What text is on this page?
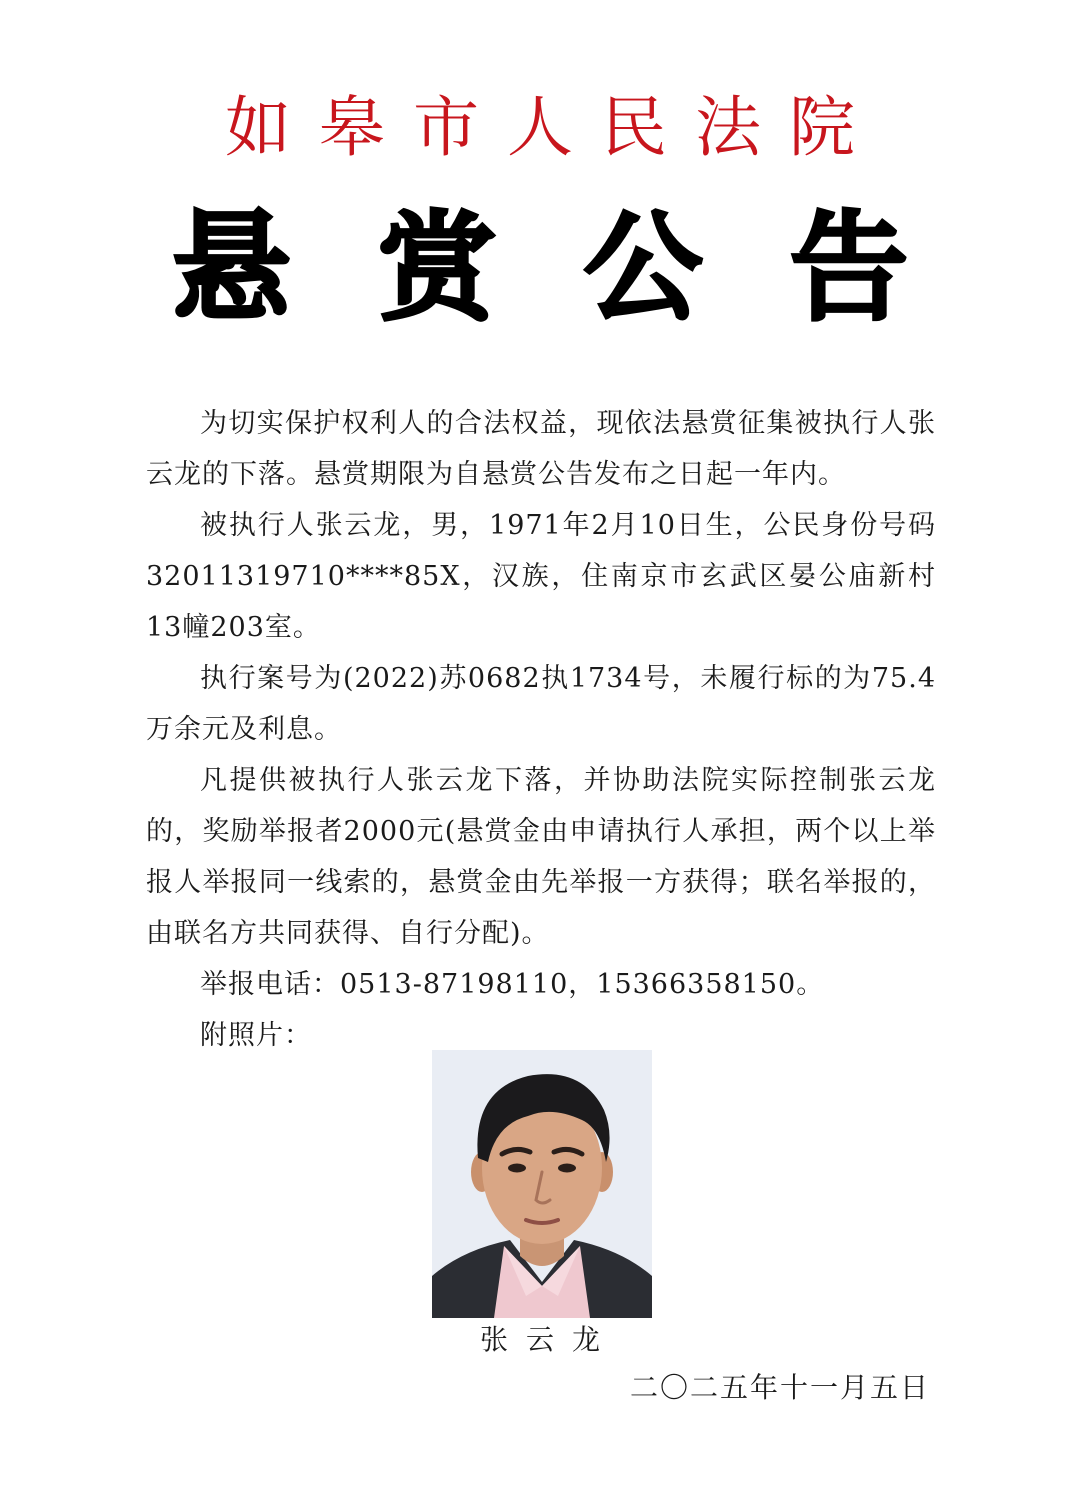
如皋市人民法院
悬赏公告

为切实保护权利人的合法权益，现依法悬赏征集被执行人张云龙的下落。悬赏期限为自悬赏公告发布之日起一年内。

被执行人张云龙，男，1971年2月10日生，公民身份号码32011319710****85X，汉族，住南京市玄武区晏公庙新村13幢203室。

执行案号为(2022)苏0682执1734号，未履行标的为75.4万余元及利息。

凡提供被执行人张云龙下落，并协助法院实际控制张云龙的，奖励举报者2000元(悬赏金由申请执行人承担，两个以上举报人举报同一线索的，悬赏金由先举报一方获得；联名举报的，由联名方共同获得、自行分配)。

举报电话：0513-87198110，15366358150。

附照片：

张云龙
二〇二五年十一月五日
